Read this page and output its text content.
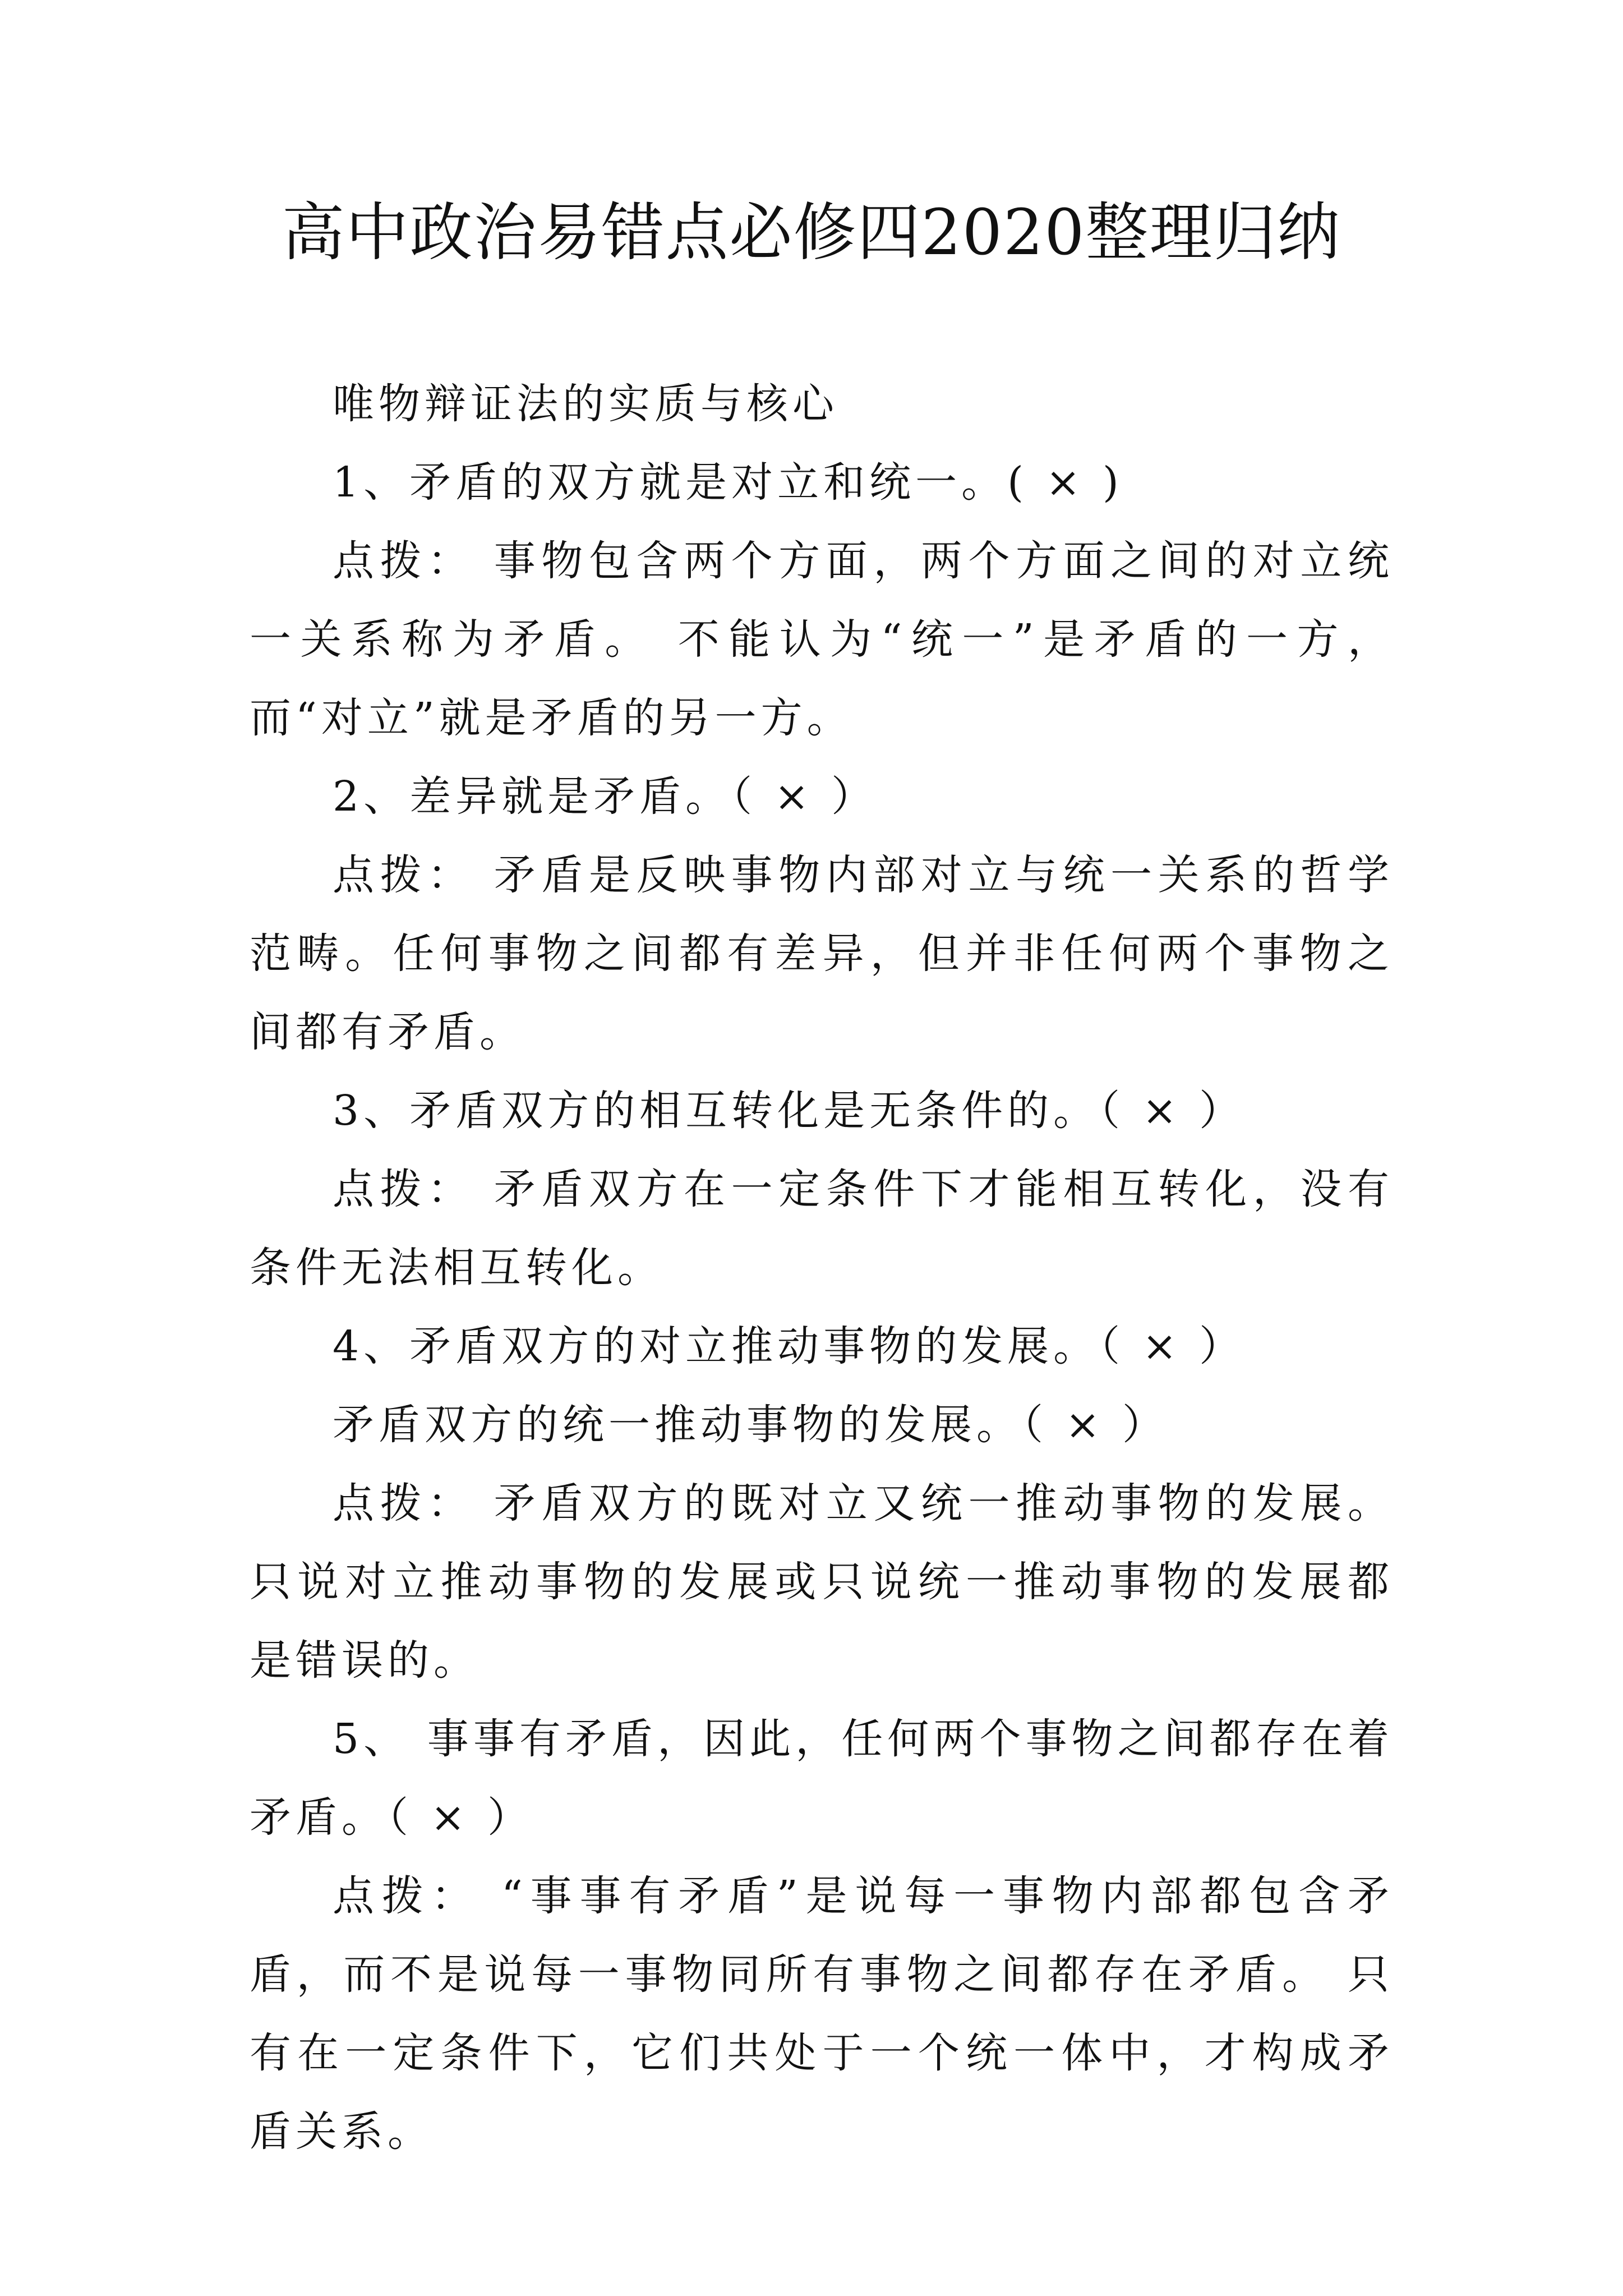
高中政治易错点必修四2020整理归纳

唯物辩证法的实质与核心

1、矛盾的双方就是对立和统一。( × )

点拨： 事物包含两个方面，两个方面之间的对立统一关系称为矛盾。 不能认为“统一”是矛盾的一方，而“对立”就是矛盾的另一方。

2、差异就是矛盾。（ × ）

点拨： 矛盾是反映事物内部对立与统一关系的哲学范畴。任何事物之间都有差异，但并非任何两个事物之间都有矛盾。

3、矛盾双方的相互转化是无条件的。（ × ）

点拨： 矛盾双方在一定条件下才能相互转化，没有条件无法相互转化。

4、矛盾双方的对立推动事物的发展。（ × ）

矛盾双方的统一推动事物的发展。（ × ）

点拨： 矛盾双方的既对立又统一推动事物的发展。 只说对立推动事物的发展或只说统一推动事物的发展都是错误的。

5、 事事有矛盾，因此，任何两个事物之间都存在着矛盾。（ × ）

点拨： “事事有矛盾”是说每一事物内部都包含矛盾，而不是说每一事物同所有事物之间都存在矛盾。 只有在一定条件下，它们共处于一个统一体中，才构成矛盾关系。
